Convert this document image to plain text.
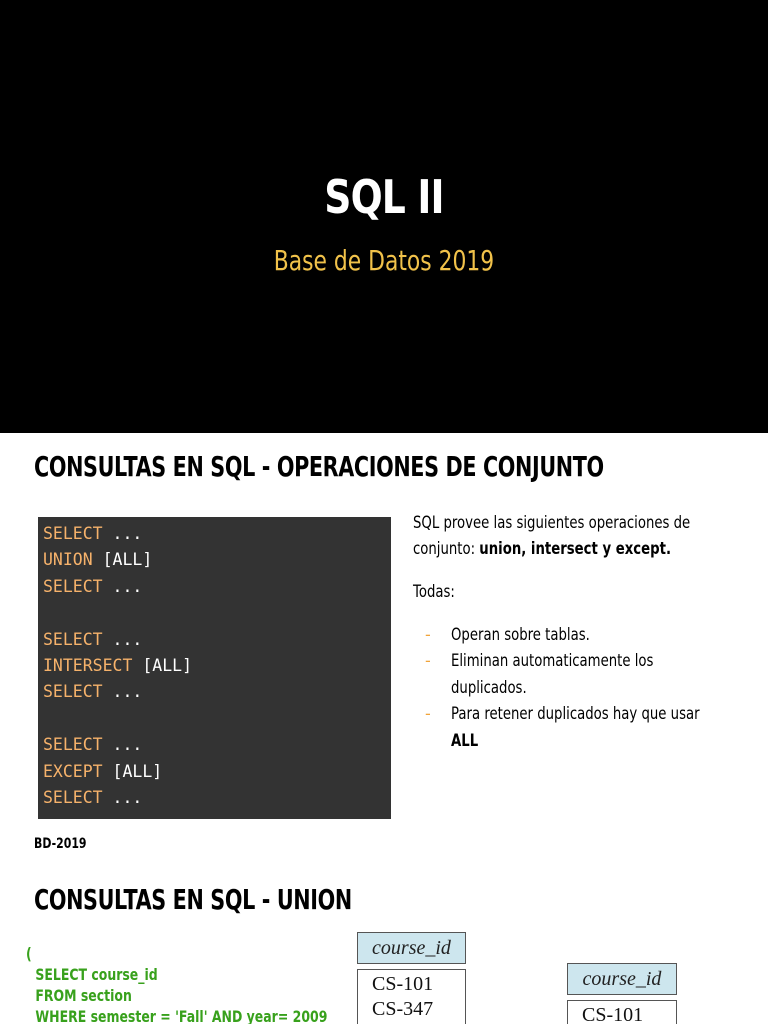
SQL II
Base de Datos 2019
CONSULTAS EN SQL - OPERACIONES DE CONJUNTO
SELECT ...
UNION [ALL]
SELECT ...
SELECT ...
INTERSECT [ALL]
SELECT ...
SELECT ...
EXCEPT [ALL]
SELECT ...
SQL provee las siguientes operaciones de
conjunto: union, intersect y except.
Todas:
- Operan sobre tablas.
- Eliminan automaticamente los
duplicados.
- Para retener duplicados hay que usar
ALL
BD-2019
CONSULTAS EN SQL - UNION
(
SELECT course_id
FROM section
WHERE semester = 'Fall' AND year= 2009
course_id
CS-101
CS-347
course_id
CS-101
